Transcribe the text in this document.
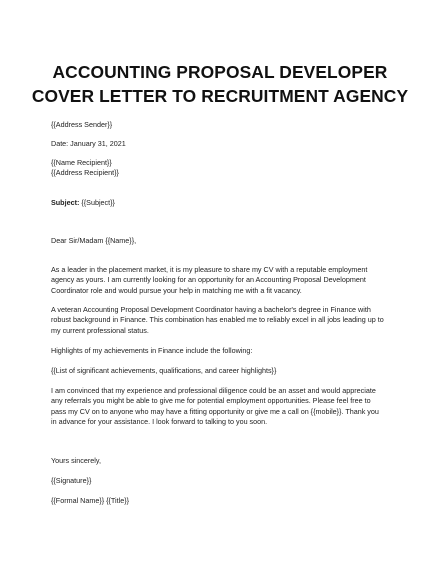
ACCOUNTING PROPOSAL DEVELOPER
COVER LETTER TO RECRUITMENT AGENCY
{{Address Sender}}
Date: January 31, 2021
{{Name Recipient}}
{{Address Recipient}}
Subject: {{Subject}}
Dear Sir/Madam {{Name}},
As a leader in the placement market, it is my pleasure to share my CV with a reputable employment
agency as yours. I am currently looking for an opportunity for an Accounting Proposal Development
Coordinator role and would pursue your help in matching me with a fit vacancy.
A veteran Accounting Proposal Development Coordinator having a bachelor's degree in Finance with
robust background in Finance. This combination has enabled me to reliably excel in all jobs leading up to
my current professional status.
Highlights of my achievements in Finance include the following:
{{List of significant achievements, qualifications, and career highlights}}
I am convinced that my experience and professional diligence could be an asset and would appreciate
any referrals you might be able to give me for potential employment opportunities. Please feel free to
pass my CV on to anyone who may have a fitting opportunity or give me a call on {{mobile}}. Thank you
in advance for your assistance. I look forward to talking to you soon.
Yours sincerely,
{{Signature}}
{{Formal Name}} {{Title}}
